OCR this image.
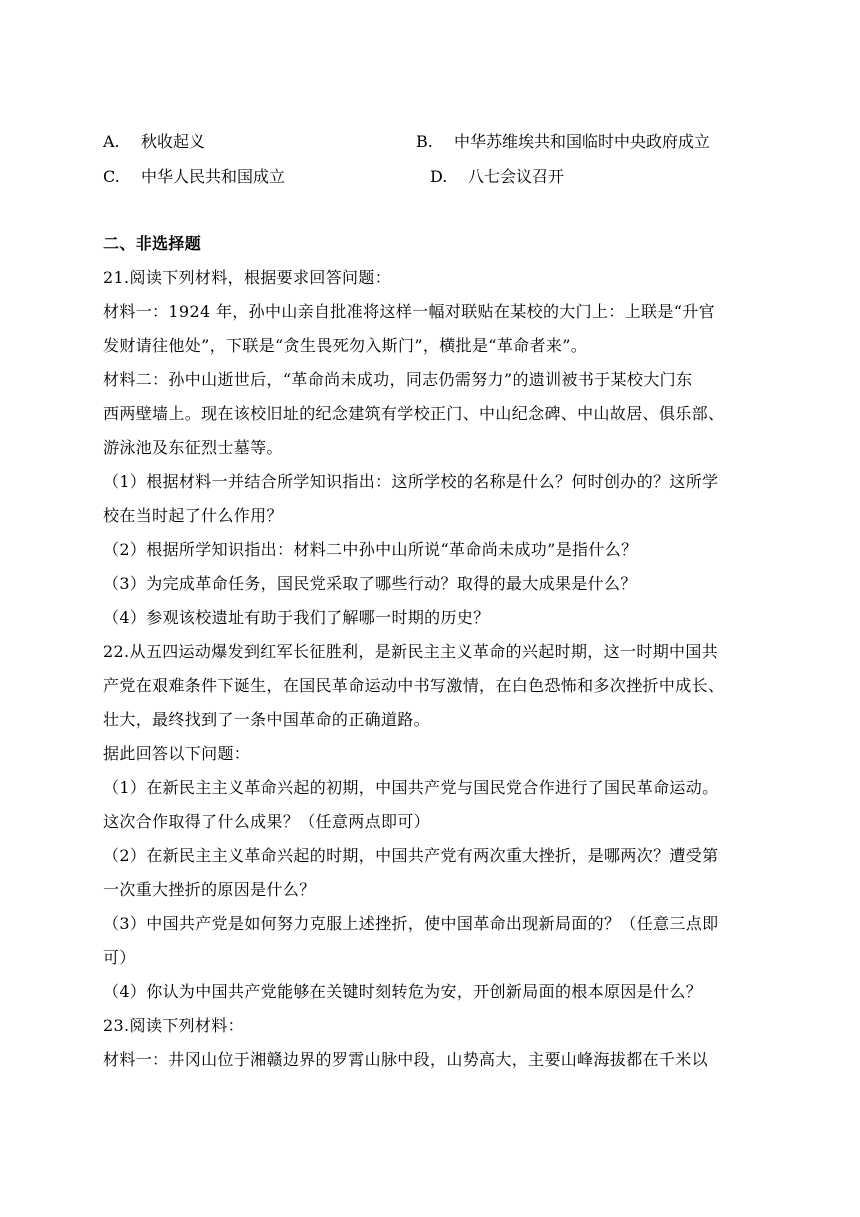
A. 秋收起义	B. 中华苏维埃共和国临时中央政府成立
C. 中华人民共和国成立	D. 八七会议召开
二、非选择题
21.阅读下列材料，根据要求回答问题：
材料一：1924 年，孙中山亲自批准将这样一幅对联贴在某校的大门上：上联是“升官
发财请往他处”，下联是“贪生畏死勿入斯门”，横批是“革命者来”。
材料二：孙中山逝世后，“革命尚未成功，同志仍需努力”的遗训被书于某校大门东
西两壁墙上。现在该校旧址的纪念建筑有学校正门、中山纪念碑、中山故居、俱乐部、
游泳池及东征烈士墓等。
（1）根据材料一并结合所学知识指出：这所学校的名称是什么？何时创办的？这所学
校在当时起了什么作用？
（2）根据所学知识指出：材料二中孙中山所说“革命尚未成功”是指什么？
（3）为完成革命任务，国民党采取了哪些行动？取得的最大成果是什么？
（4）参观该校遗址有助于我们了解哪一时期的历史？
22.从五四运动爆发到红军长征胜利，是新民主主义革命的兴起时期，这一时期中国共
产党在艰难条件下诞生，在国民革命运动中书写激情，在白色恐怖和多次挫折中成长、
壮大，最终找到了一条中国革命的正确道路。
据此回答以下问题：
（1）在新民主主义革命兴起的初期，中国共产党与国民党合作进行了国民革命运动。
这次合作取得了什么成果？（任意两点即可）
（2）在新民主主义革命兴起的时期，中国共产党有两次重大挫折，是哪两次？遭受第
一次重大挫折的原因是什么？
（3）中国共产党是如何努力克服上述挫折，使中国革命出现新局面的？（任意三点即
可）
（4）你认为中国共产党能够在关键时刻转危为安，开创新局面的根本原因是什么？
23.阅读下列材料：
材料一：井冈山位于湘赣边界的罗霄山脉中段，山势高大，主要山峰海拔都在千米以
